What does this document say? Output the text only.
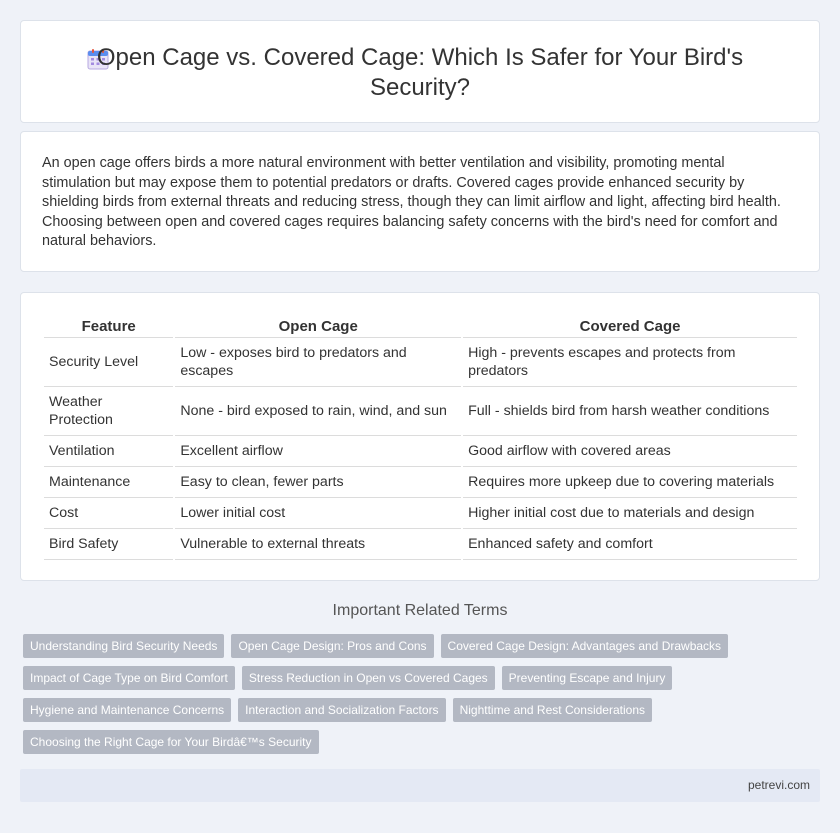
Open Cage vs. Covered Cage: Which Is Safer for Your Bird's Security?

An open cage offers birds a more natural environment with better ventilation and visibility, promoting mental stimulation but may expose them to potential predators or drafts. Covered cages provide enhanced security by shielding birds from external threats and reducing stress, though they can limit airflow and light, affecting bird health. Choosing between open and covered cages requires balancing safety concerns with the bird's need for comfort and natural behaviors.

Feature	Open Cage	Covered Cage
Security Level	Low - exposes bird to predators and escapes	High - prevents escapes and protects from predators
Weather Protection	None - bird exposed to rain, wind, and sun	Full - shields bird from harsh weather conditions
Ventilation	Excellent airflow	Good airflow with covered areas
Maintenance	Easy to clean, fewer parts	Requires more upkeep due to covering materials
Cost	Lower initial cost	Higher initial cost due to materials and design
Bird Safety	Vulnerable to external threats	Enhanced safety and comfort
Important Related Terms
Understanding Bird Security Needs	Open Cage Design: Pros and Cons	Covered Cage Design: Advantages and Drawbacks
Impact of Cage Type on Bird Comfort	Stress Reduction in Open vs Covered Cages	Preventing Escape and Injury
Hygiene and Maintenance Concerns	Interaction and Socialization Factors	Nighttime and Rest Considerations
Choosing the Right Cage for Your Birdâ€™s Security
petrevi.com
